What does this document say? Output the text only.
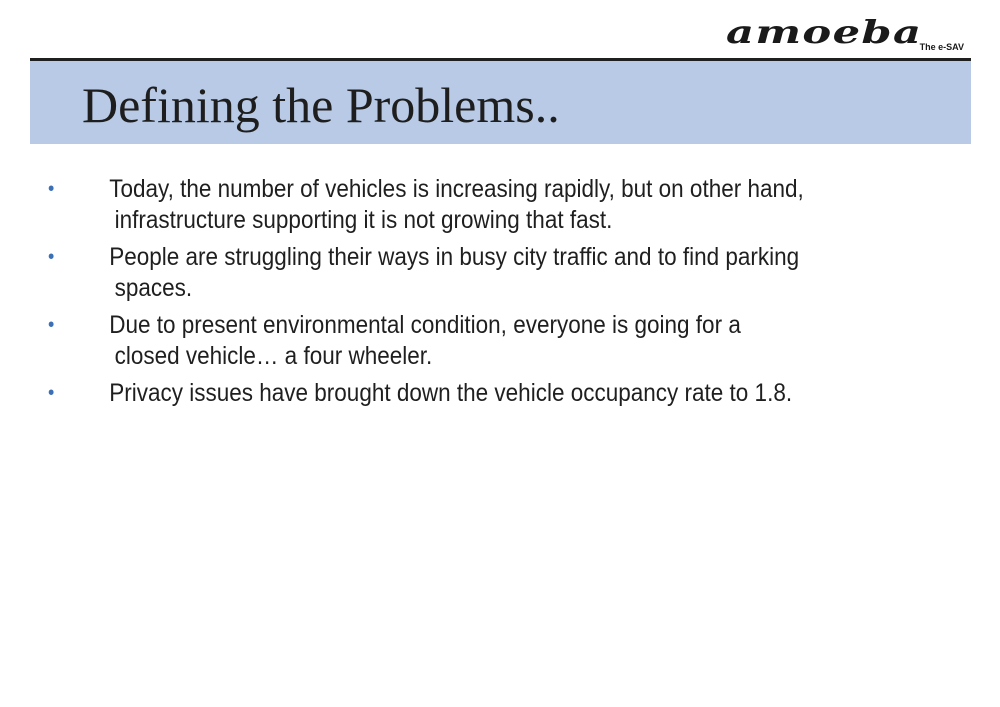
amoeba
The e-SAV
Defining the Problems..
• Today, the number of vehicles is increasing rapidly, but on other hand,
infrastructure supporting it is not growing that fast.
• People are struggling their ways in busy city traffic and to find parking
spaces.
• Due to present environmental condition, everyone is going for a
closed vehicle… a four wheeler.
• Privacy issues have brought down the vehicle occupancy rate to 1.8.
